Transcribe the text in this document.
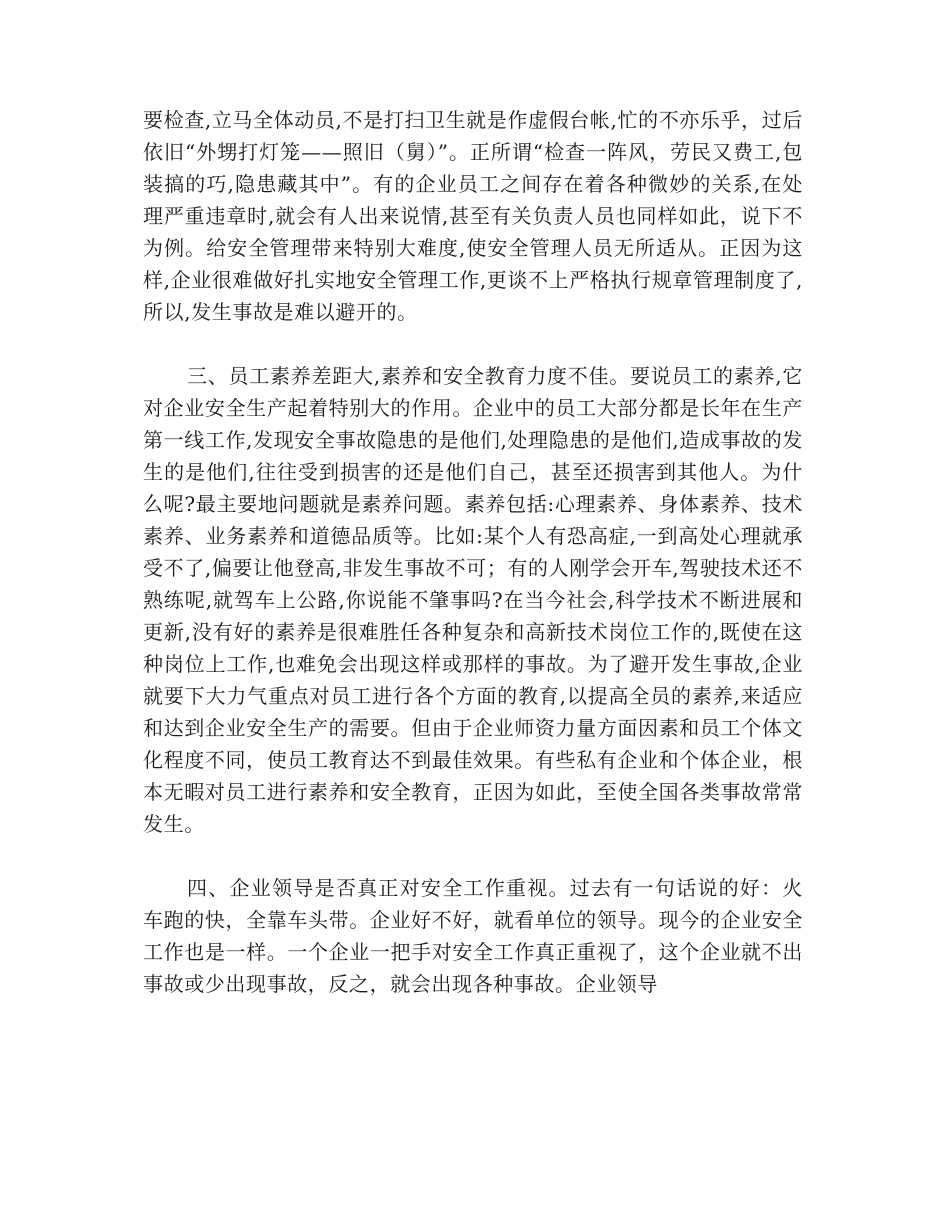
要检查,立马全体动员,不是打扫卫生就是作虚假台帐,忙的不亦乐乎，过后依旧“外甥打灯笼——照旧（舅）”。正所谓“检查一阵风，劳民又费工,包装搞的巧,隐患藏其中”。有的企业员工之间存在着各种微妙的关系,在处理严重违章时,就会有人出来说情,甚至有关负责人员也同样如此，说下不为例。给安全管理带来特别大难度,使安全管理人员无所适从。正因为这样,企业很难做好扎实地安全管理工作,更谈不上严格执行规章管理制度了,所以,发生事故是难以避开的。

三、员工素养差距大,素养和安全教育力度不佳。要说员工的素养,它对企业安全生产起着特别大的作用。企业中的员工大部分都是长年在生产第一线工作,发现安全事故隐患的是他们,处理隐患的是他们,造成事故的发生的是他们,往往受到损害的还是他们自己，甚至还损害到其他人。为什么呢?最主要地问题就是素养问题。素养包括:心理素养、身体素养、技术素养、业务素养和道德品质等。比如:某个人有恐高症,一到高处心理就承受不了,偏要让他登高,非发生事故不可；有的人刚学会开车,驾驶技术还不熟练呢,就驾车上公路,你说能不肇事吗?在当今社会,科学技术不断进展和更新,没有好的素养是很难胜任各种复杂和高新技术岗位工作的,既使在这种岗位上工作,也难免会出现这样或那样的事故。为了避开发生事故,企业就要下大力气重点对员工进行各个方面的教育,以提高全员的素养,来适应和达到企业安全生产的需要。但由于企业师资力量方面因素和员工个体文化程度不同，使员工教育达不到最佳效果。有些私有企业和个体企业，根本无暇对员工进行素养和安全教育，正因为如此，至使全国各类事故常常发生。

四、企业领导是否真正对安全工作重视。过去有一句话说的好：火车跑的快，全靠车头带。企业好不好，就看单位的领导。现今的企业安全工作也是一样。一个企业一把手对安全工作真正重视了，这个企业就不出事故或少出现事故，反之，就会出现各种事故。企业领导
